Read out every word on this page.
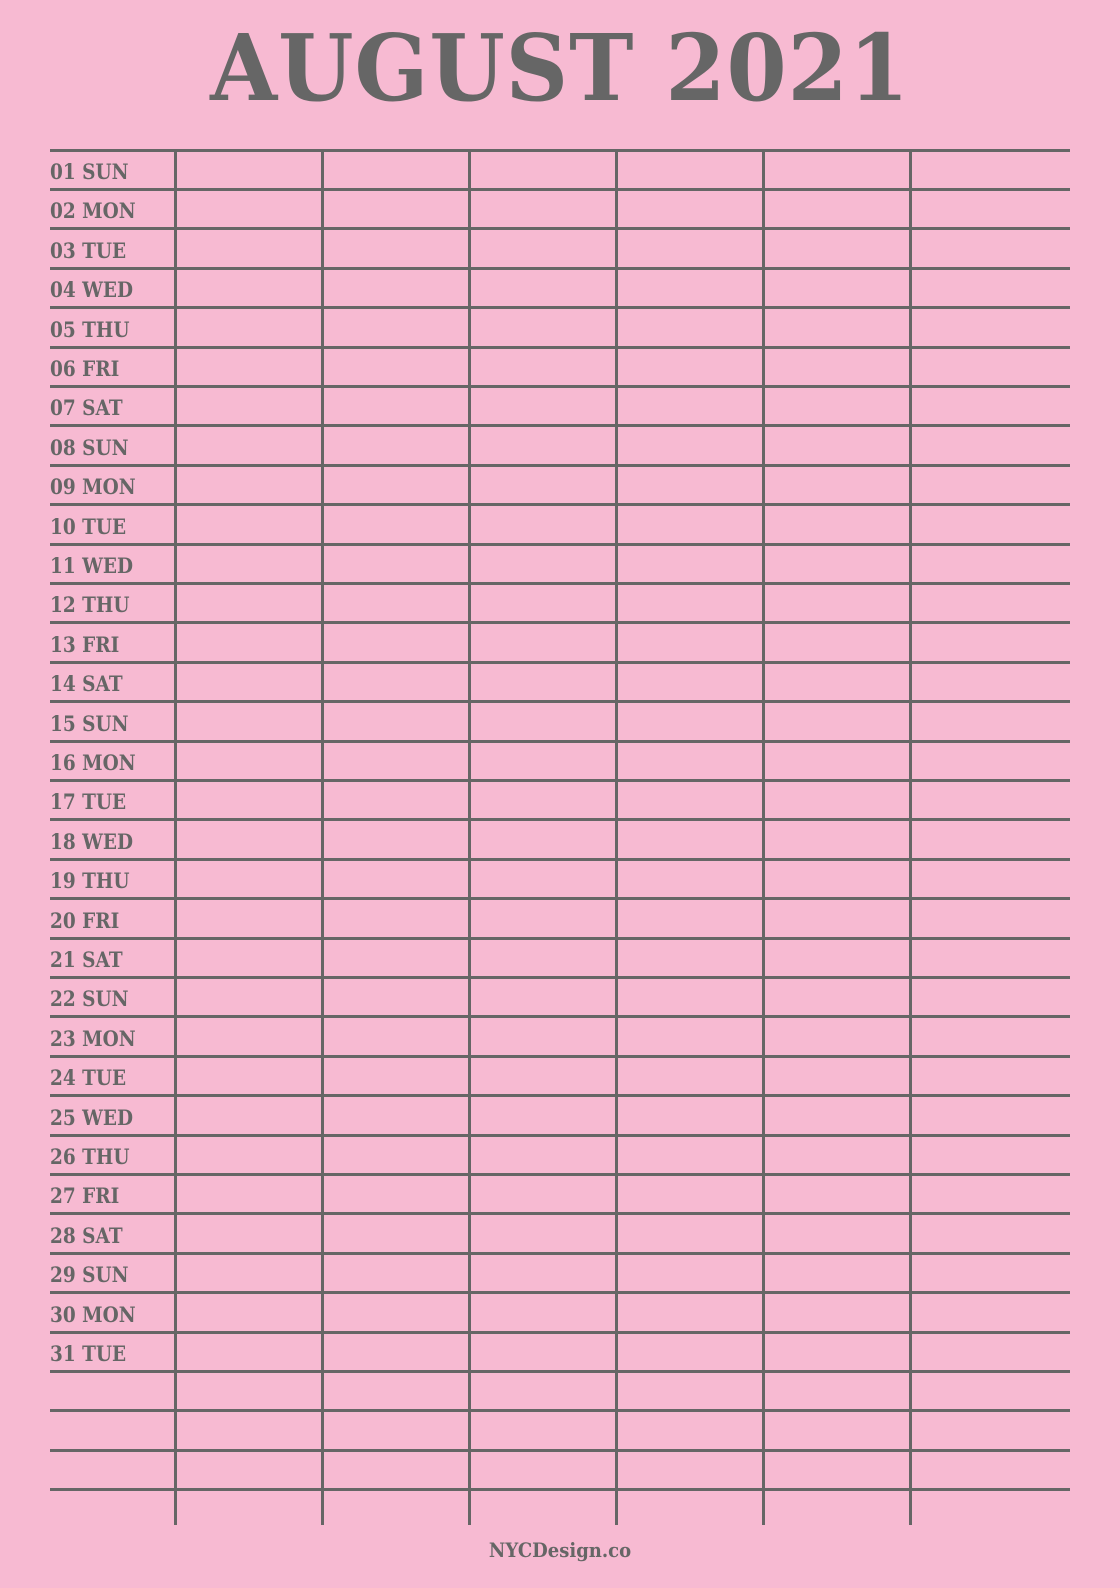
AUGUST 2021
01 SUN
02 MON
03 TUE
04 WED
05 THU
06 FRI
07 SAT
08 SUN
09 MON
10 TUE
11 WED
12 THU
13 FRI
14 SAT
15 SUN
16 MON
17 TUE
18 WED
19 THU
20 FRI
21 SAT
22 SUN
23 MON
24 TUE
25 WED
26 THU
27 FRI
28 SAT
29 SUN
30 MON
31 TUE
NYCDesign.co
